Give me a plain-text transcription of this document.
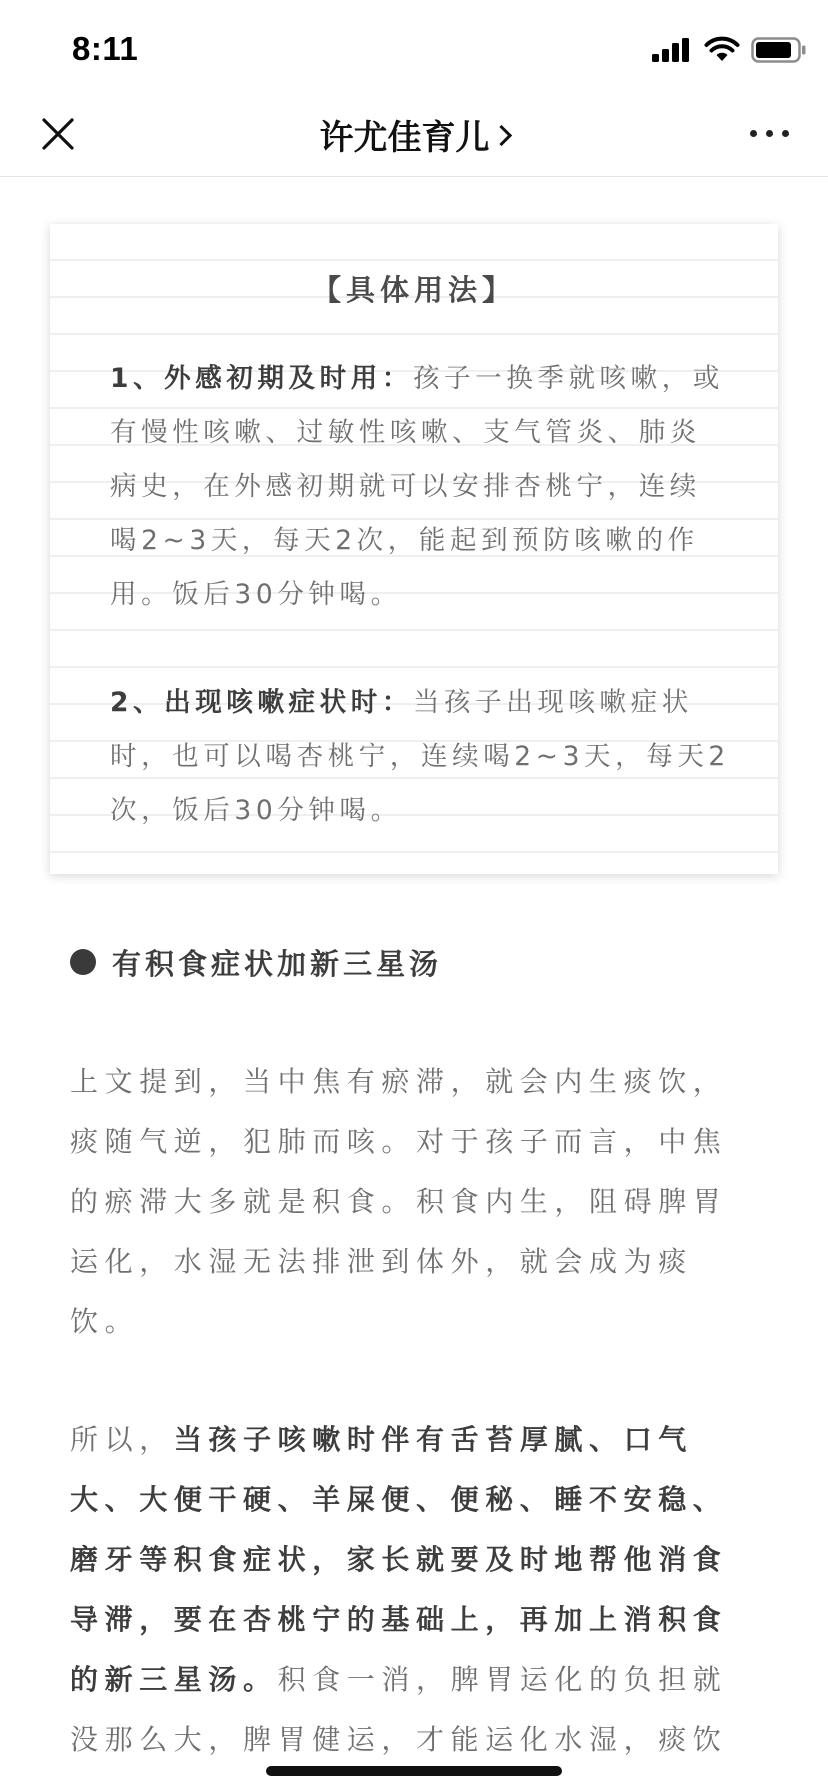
8:11
许尤佳育儿
【具体用法】

1、外感初期及时用：孩子一换季就咳嗽，或有慢性咳嗽、过敏性咳嗽、支气管炎、肺炎病史，在外感初期就可以安排杏桃宁，连续喝2~3天，每天2次，能起到预防咳嗽的作用。饭后30分钟喝。

2、出现咳嗽症状时：当孩子出现咳嗽症状时，也可以喝杏桃宁，连续喝2~3天，每天2次，饭后30分钟喝。

有积食症状加新三星汤

上文提到，当中焦有瘀滞，就会内生痰饮，痰随气逆，犯肺而咳。对于孩子而言，中焦的瘀滞大多就是积食。积食内生，阻碍脾胃运化，水湿无法排泄到体外，就会成为痰饮。

所以，当孩子咳嗽时伴有舌苔厚腻、口气大、大便干硬、羊屎便、便秘、睡不安稳、磨牙等积食症状，家长就要及时地帮他消食导滞，要在杏桃宁的基础上，再加上消积食的新三星汤。积食一消，脾胃运化的负担就没那么大，脾胃健运，才能运化水湿，痰饮
